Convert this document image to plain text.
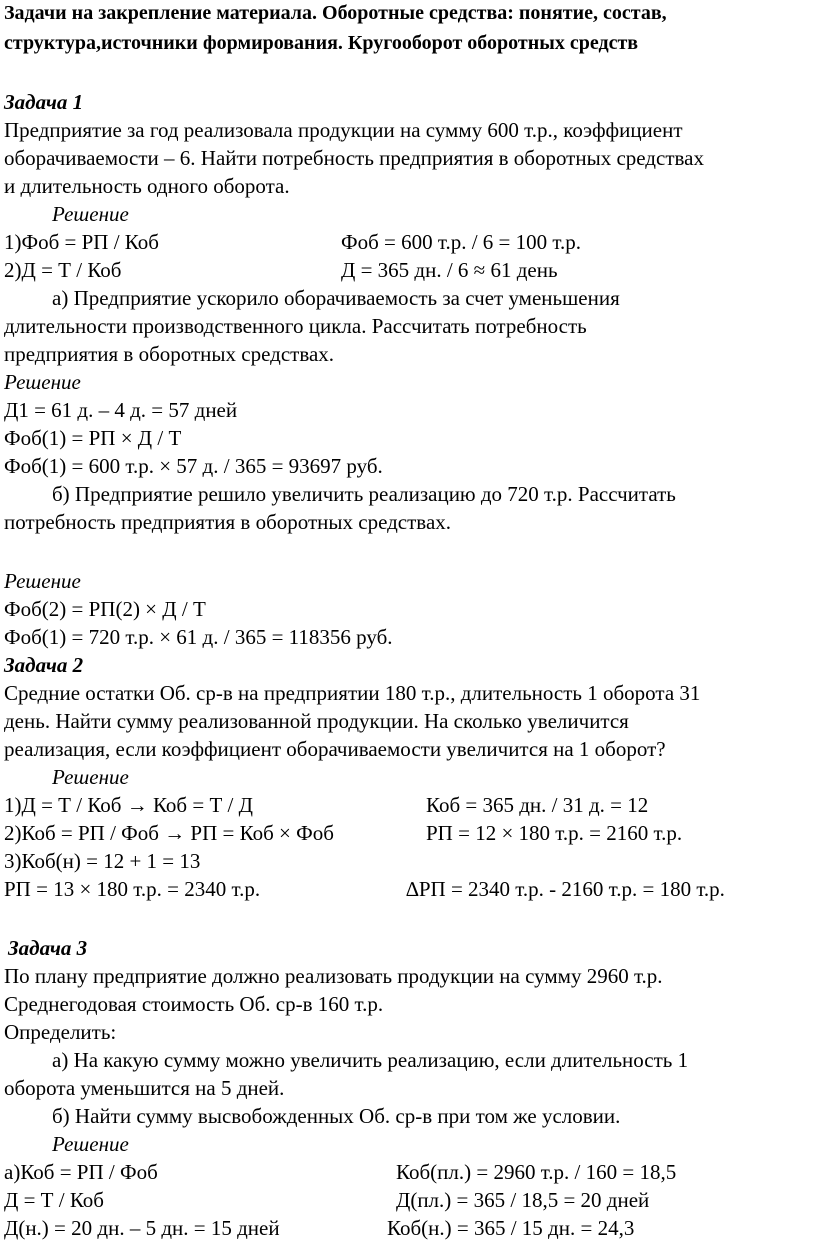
Задачи на закрепление материала. Оборотные средства: понятие, состав,
структура,источники формирования. Кругооборот оборотных средств
Задача 1
Предприятие за год реализовала продукции на сумму 600 т.р., коэффициент
оборачиваемости – 6. Найти потребность предприятия в оборотных средствах
и длительность одного оборота.
Решение
1)Фоб = РП / Коб	Фоб = 600 т.р. / 6 = 100 т.р.
2)Д = Т / Коб	Д = 365 дн. / 6 ≈ 61 день
а) Предприятие ускорило оборачиваемость за счет уменьшения
длительности производственного цикла. Рассчитать потребность
предприятия в оборотных средствах.
Решение
Д1 = 61 д. – 4 д. = 57 дней
Фоб(1) = РП × Д / Т
Фоб(1) = 600 т.р. × 57 д. / 365 = 93697 руб.
б) Предприятие решило увеличить реализацию до 720 т.р. Рассчитать
потребность предприятия в оборотных средствах.
Решение
Фоб(2) = РП(2) × Д / Т
Фоб(1) = 720 т.р. × 61 д. / 365 = 118356 руб.
Задача 2
Средние остатки Об. ср-в на предприятии 180 т.р., длительность 1 оборота 31
день. Найти сумму реализованной продукции. На сколько увеличится
реализация, если коэффициент оборачиваемости увеличится на 1 оборот?
Решение
1)Д = Т / Коб → Коб = Т / Д	Коб = 365 дн. / 31 д. = 12
2)Коб = РП / Фоб → РП = Коб × Фоб	РП = 12 × 180 т.р. = 2160 т.р.
3)Коб(н) = 12 + 1 = 13
РП = 13 × 180 т.р. = 2340 т.р.	∆РП = 2340 т.р. - 2160 т.р. = 180 т.р.
Задача 3
По плану предприятие должно реализовать продукции на сумму 2960 т.р.
Среднегодовая стоимость Об. ср-в 160 т.р.
Определить:
а) На какую сумму можно увеличить реализацию, если длительность 1
оборота уменьшится на 5 дней.
б) Найти сумму высвобожденных Об. ср-в при том же условии.
Решение
а)Коб = РП / Фоб	Коб(пл.) = 2960 т.р. / 160 = 18,5
Д = Т / Коб	Д(пл.) = 365 / 18,5 = 20 дней
Д(н.) = 20 дн. – 5 дн. = 15 дней	Коб(н.) = 365 / 15 дн. = 24,3
